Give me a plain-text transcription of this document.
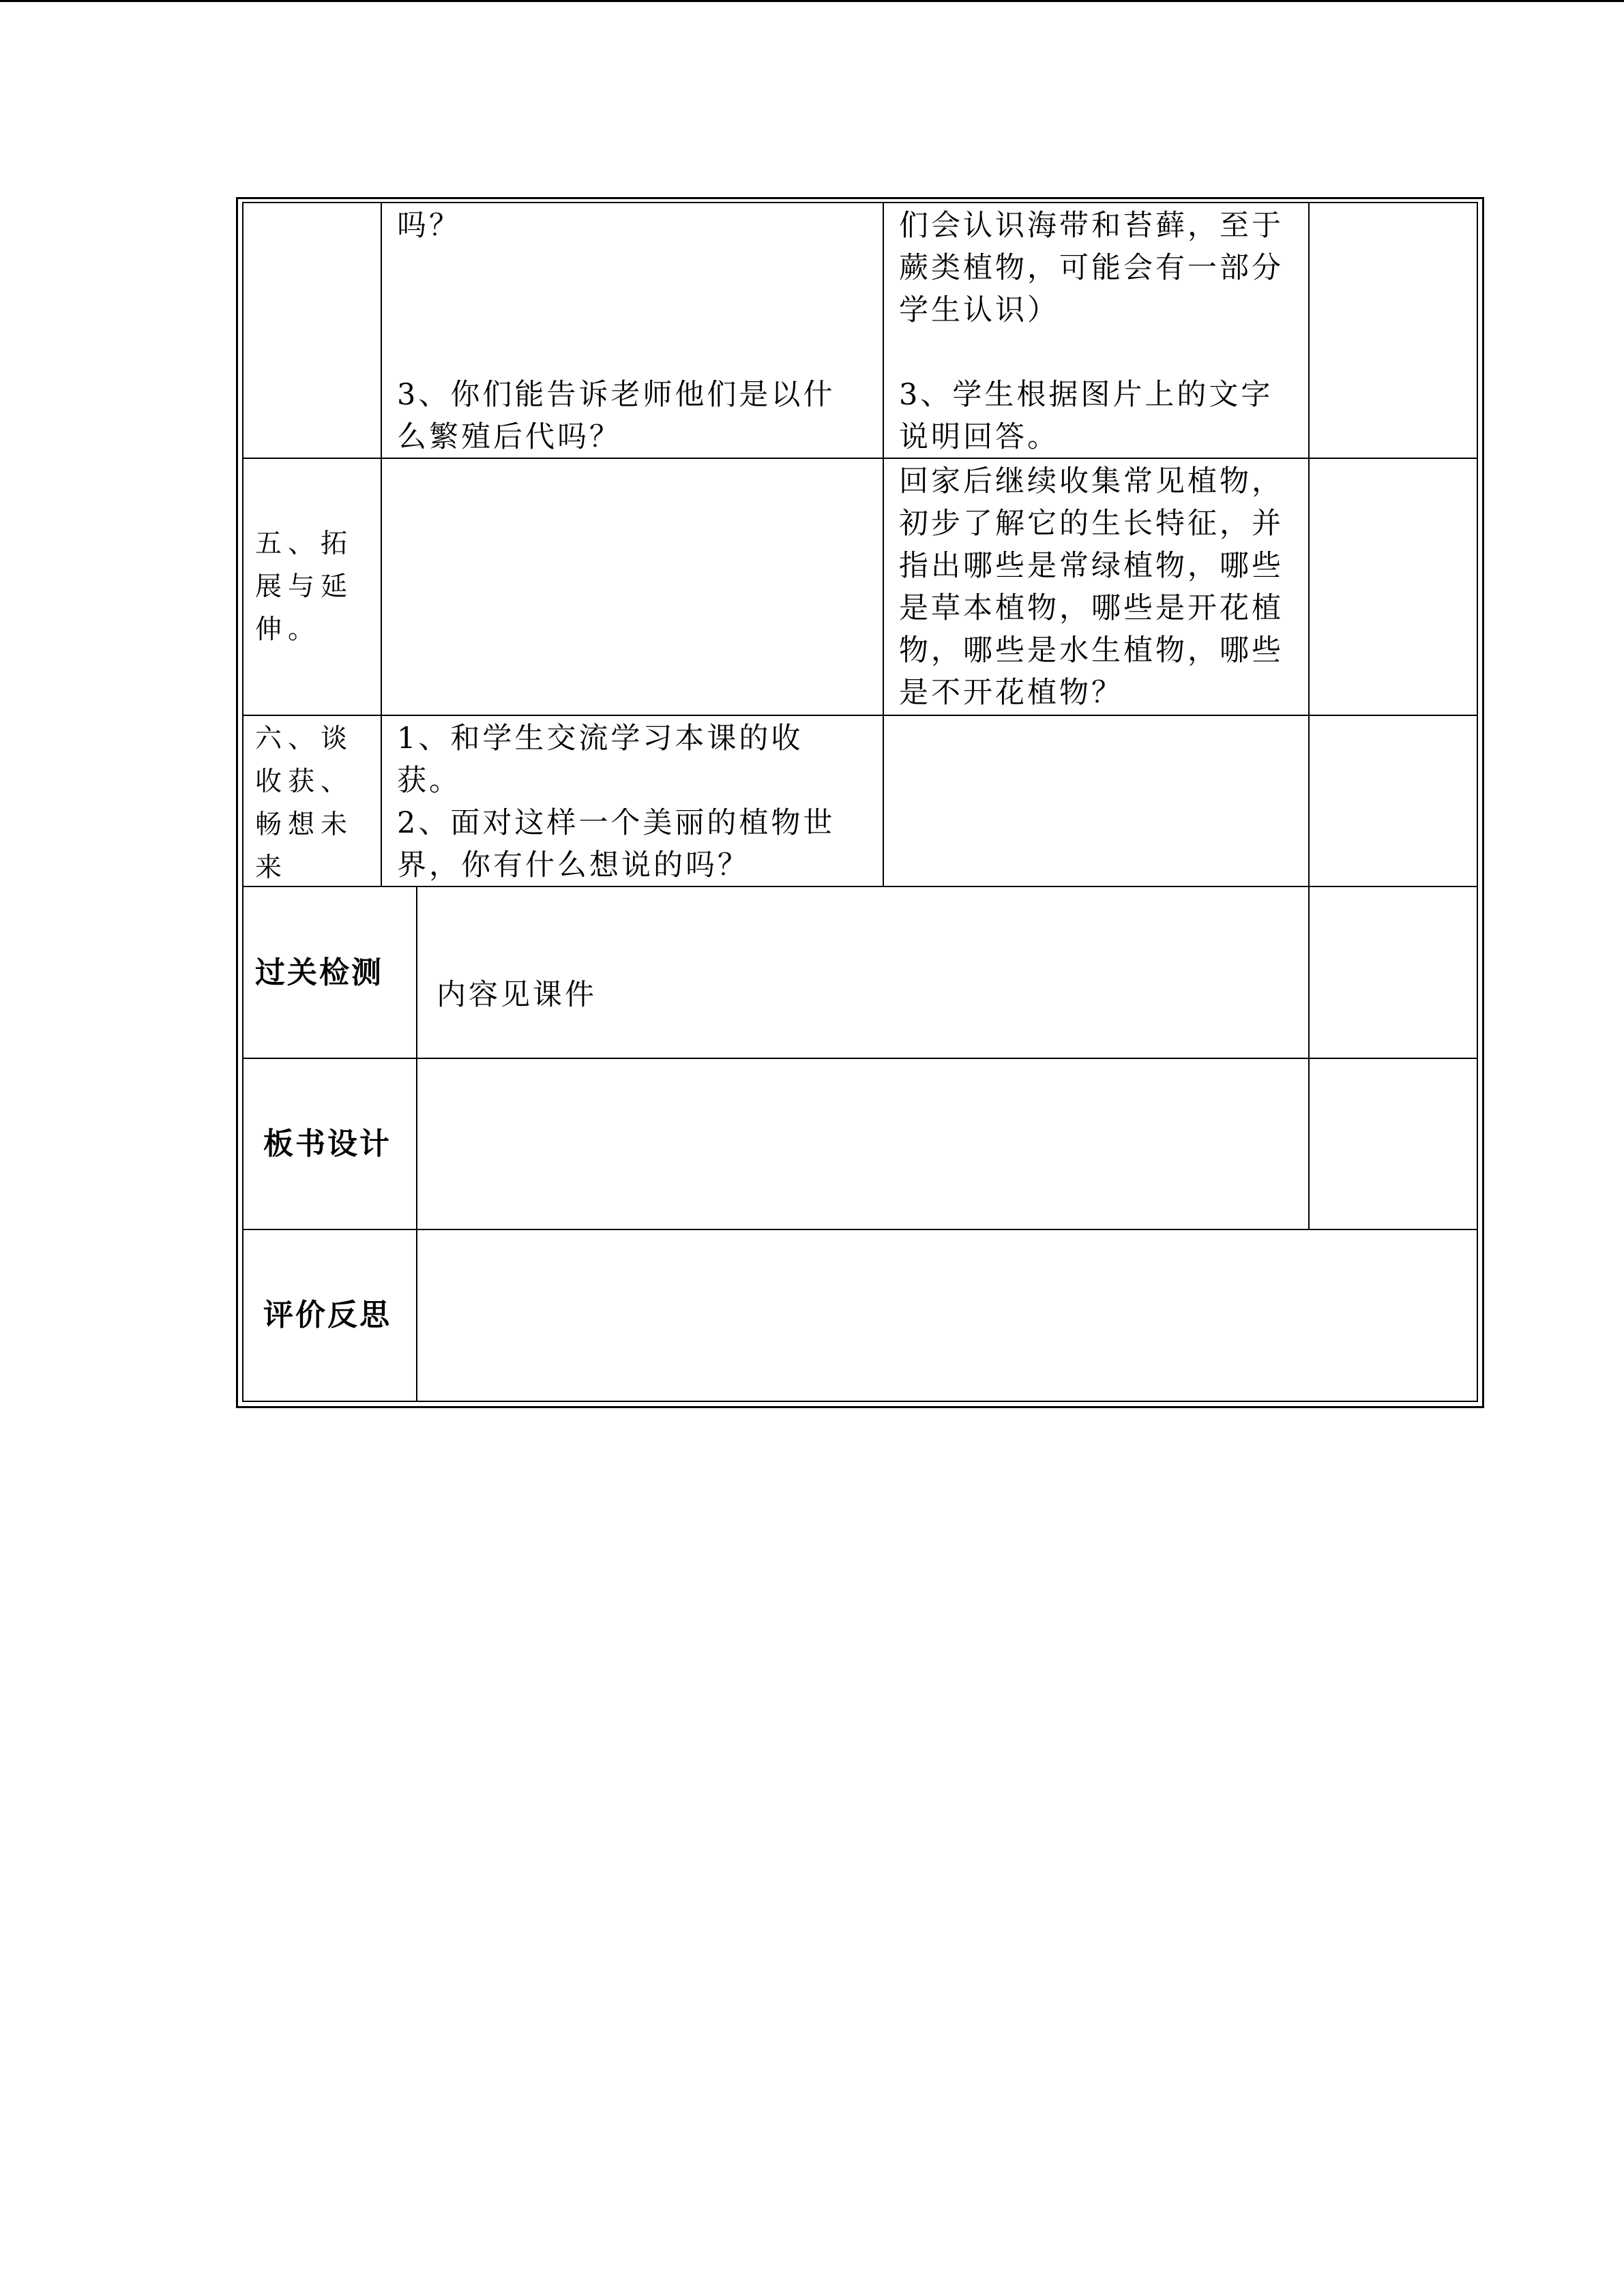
吗？

3、你们能告诉老师他们是以什
么繁殖后代吗？
们会认识海带和苔藓，至于
蕨类植物，可能会有一部分
学生认识）

3、学生根据图片上的文字
说明回答。
五、拓
展与延
伸。
回家后继续收集常见植物，
初步了解它的生长特征，并
指出哪些是常绿植物，哪些
是草本植物，哪些是开花植
物，哪些是水生植物，哪些
是不开花植物？
六、谈
收获、
畅想未
来
1、和学生交流学习本课的收
获。
2、面对这样一个美丽的植物世
界，你有什么想说的吗？
过关检测
内容见课件
板书设计
评价反思
